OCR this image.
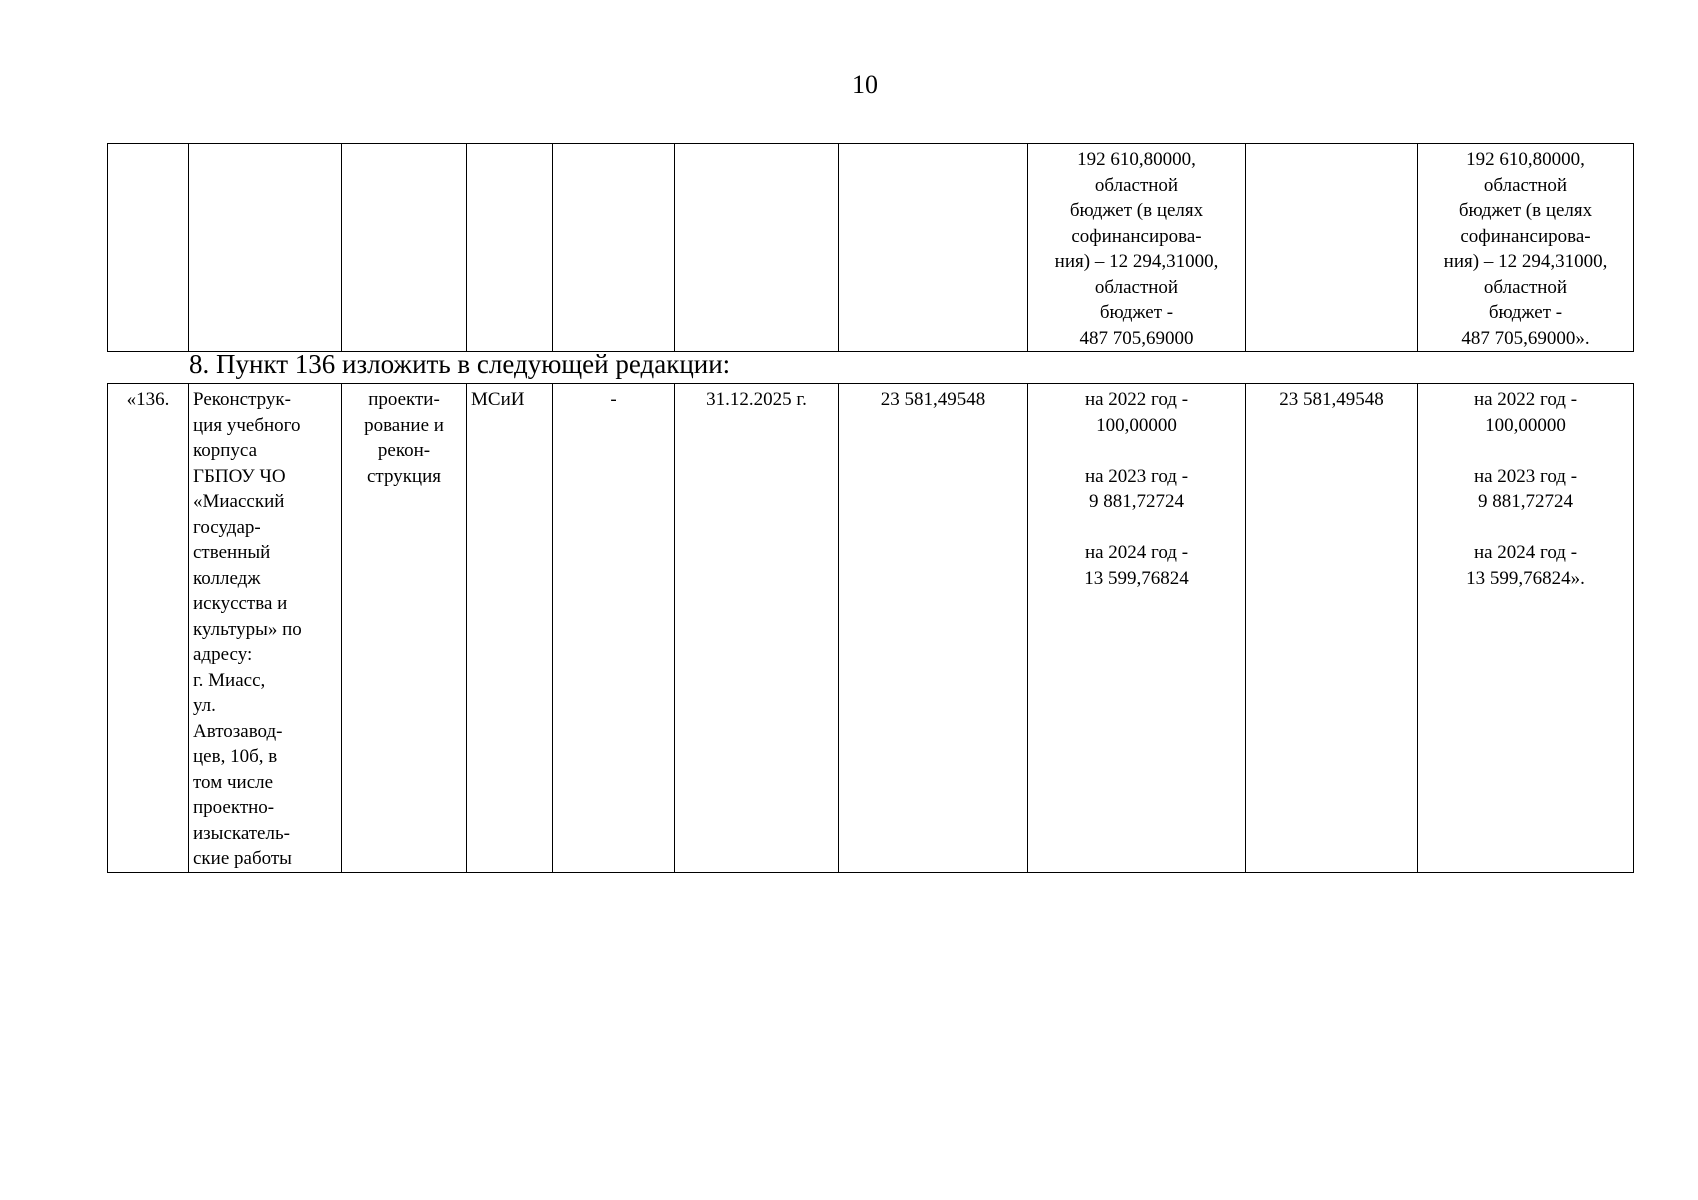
10
							192 610,80000,
областной
бюджет (в целях
софинансирова-
ния) – 12 294,31000,
областной
бюджет -
487 705,69000		192 610,80000,
областной
бюджет (в целях
софинансирова-
ния) – 12 294,31000,
областной
бюджет -
487 705,69000».
8. Пункт 136 изложить в следующей редакции:
«136.	Реконструк-
ция учебного
корпуса
ГБПОУ ЧО
«Миасский
государ-
ственный
колледж
искусства и
культуры» по
адресу:
г. Миасс,
ул.
Автозавод-
цев, 10б, в
том числе
проектно-
изыскатель-
ские работы	проекти-
рование и
рекон-
струкция	МСиИ	-	31.12.2025 г.	23 581,49548	на 2022 год -
100,00000

на 2023 год -
9 881,72724

на 2024 год -
13 599,76824	23 581,49548	на 2022 год -
100,00000

на 2023 год -
9 881,72724

на 2024 год -
13 599,76824».
